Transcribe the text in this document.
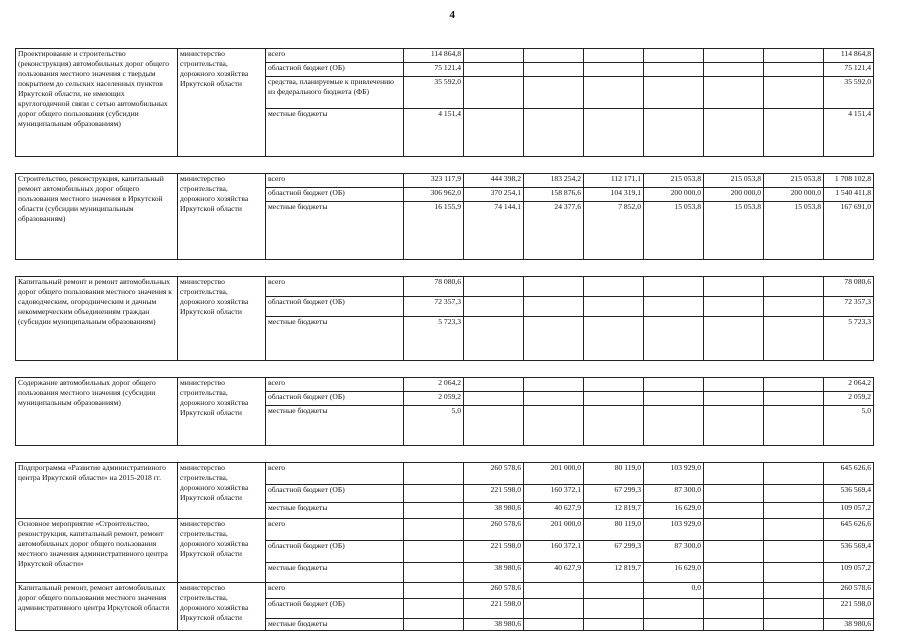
4
Проектирование и строительство (реконструкция) автомобильных дорог общего пользования местного значения с твердым покрытием до сельских населенных пунктов Иркутской области, не имеющих круглогодичной связи с сетью автомобильных дорог общего пользования (субсидии муниципальным образованиям)	министерство строительства, дорожного хозяйства Иркутской области	всего	114 864,8							114 864,8
		областной бюджет (ОБ)	75 121,4							75 121,4
		средства, планируемые к привлечению из федерального бюджета (ФБ)	35 592,0							35 592,0
		местные бюджеты	4 151,4							4 151,4

Строительство, реконструкция, капитальный ремонт автомобильных дорог общего пользования местного значения в Иркутской области (субсидии муниципальным образованиям)	министерство строительства, дорожного хозяйства Иркутской области	всего	323 117,9	444 398,2	183 254,2	112 171,1	215 053,8	215 053,8	215 053,8	1 708 102,8
		областной бюджет (ОБ)	306 962,0	370 254,1	158 876,6	104 319,1	200 000,0	200 000,0	200 000,0	1 540 411,8
		местные бюджеты	16 155,9	74 144,1	24 377,6	7 852,0	15 053,8	15 053,8	15 053,8	167 691,0

Капитальный ремонт и ремонт автомобильных дорог общего пользования местного значения к садоводческим, огородническим и дачным некоммерческим объединениям граждан (субсидии муниципальным образованиям)	министерство строительства, дорожного хозяйства Иркутской области	всего	78 080,6							78 080,6
		областной бюджет (ОБ)	72 357,3							72 357,3
		местные бюджеты	5 723,3							5 723,3

Содержание автомобильных дорог общего пользования местного значения (субсидии муниципальным образованиям)	министерство строительства, дорожного хозяйства Иркутской области	всего	2 064,2							2 064,2
		областной бюджет (ОБ)	2 059,2							2 059,2
		местные бюджеты	5,0							5,0

Подпрограмма «Развитие административного центра Иркутской области» на 2015-2018 гг.	министерство строительства, дорожного хозяйства Иркутской области	всего		260 578,6	201 000,0	80 119,0	103 929,0			645 626,6
		областной бюджет (ОБ)		221 598,0	160 372,1	67 299,3	87 300,0			536 569,4
		местные бюджеты		38 980,6	40 627,9	12 819,7	16 629,0			109 057,2
Основное мероприятие «Строительство, реконструкция, капитальный ремонт, ремонт автомобильных дорог общего пользования местного значения административного центра Иркутской области»	министерство строительства, дорожного хозяйства Иркутской области	всего		260 578,6	201 000,0	80 119,0	103 929,0			645 626,6
		областной бюджет (ОБ)		221 598,0	160 372,1	67 299,3	87 300,0			536 569,4
		местные бюджеты		38 980,6	40 627,9	12 819,7	16 629,0			109 057,2
Капитальный ремонт, ремонт автомобильных дорог общего пользования местного значения административного центра Иркутской области	министерство строительства, дорожного хозяйства Иркутской области	всего		260 578,6			0,0			260 578,6
		областной бюджет (ОБ)		221 598,0						221 598,0
		местные бюджеты		38 980,6						38 980,6
